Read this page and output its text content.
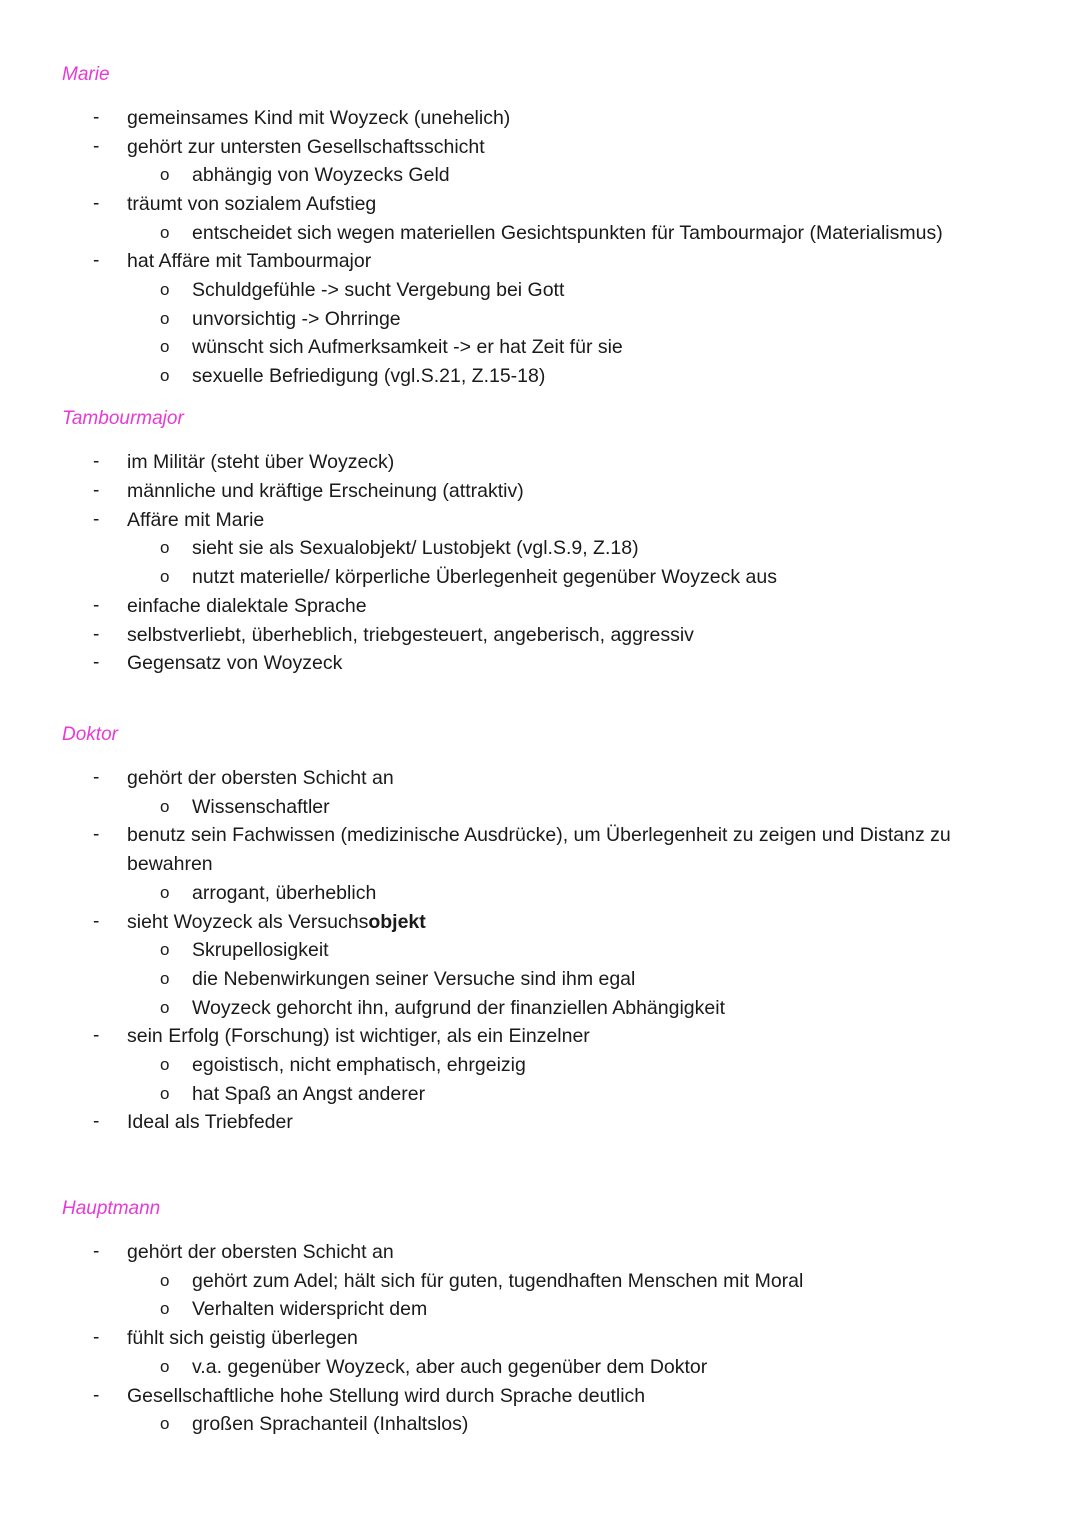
Marie
- gemeinsames Kind mit Woyzeck (unehelich)
- gehört zur untersten Gesellschaftsschicht
o abhängig von Woyzecks Geld
- träumt von sozialem Aufstieg
o entscheidet sich wegen materiellen Gesichtspunkten für Tambourmajor (Materialismus)
- hat Affäre mit Tambourmajor
o Schuldgefühle -> sucht Vergebung bei Gott
o unvorsichtig -> Ohrringe
o wünscht sich Aufmerksamkeit -> er hat Zeit für sie
o sexuelle Befriedigung (vgl.S.21, Z.15-18)
Tambourmajor
- im Militär (steht über Woyzeck)
- männliche und kräftige Erscheinung (attraktiv)
- Affäre mit Marie
o sieht sie als Sexualobjekt/ Lustobjekt (vgl.S.9, Z.18)
o nutzt materielle/ körperliche Überlegenheit gegenüber Woyzeck aus
- einfache dialektale Sprache
- selbstverliebt, überheblich, triebgesteuert, angeberisch, aggressiv
- Gegensatz von Woyzeck
Doktor
- gehört der obersten Schicht an
o Wissenschaftler
- benutz sein Fachwissen (medizinische Ausdrücke), um Überlegenheit zu zeigen und Distanz zu
bewahren
o arrogant, überheblich
- sieht Woyzeck als Versuchsobjekt
o Skrupellosigkeit
o die Nebenwirkungen seiner Versuche sind ihm egal
o Woyzeck gehorcht ihn, aufgrund der finanziellen Abhängigkeit
- sein Erfolg (Forschung) ist wichtiger, als ein Einzelner
o egoistisch, nicht emphatisch, ehrgeizig
o hat Spaß an Angst anderer
- Ideal als Triebfeder
Hauptmann
- gehört der obersten Schicht an
o gehört zum Adel; hält sich für guten, tugendhaften Menschen mit Moral
o Verhalten widerspricht dem
- fühlt sich geistig überlegen
o v.a. gegenüber Woyzeck, aber auch gegenüber dem Doktor
- Gesellschaftliche hohe Stellung wird durch Sprache deutlich
o großen Sprachanteil (Inhaltslos)
